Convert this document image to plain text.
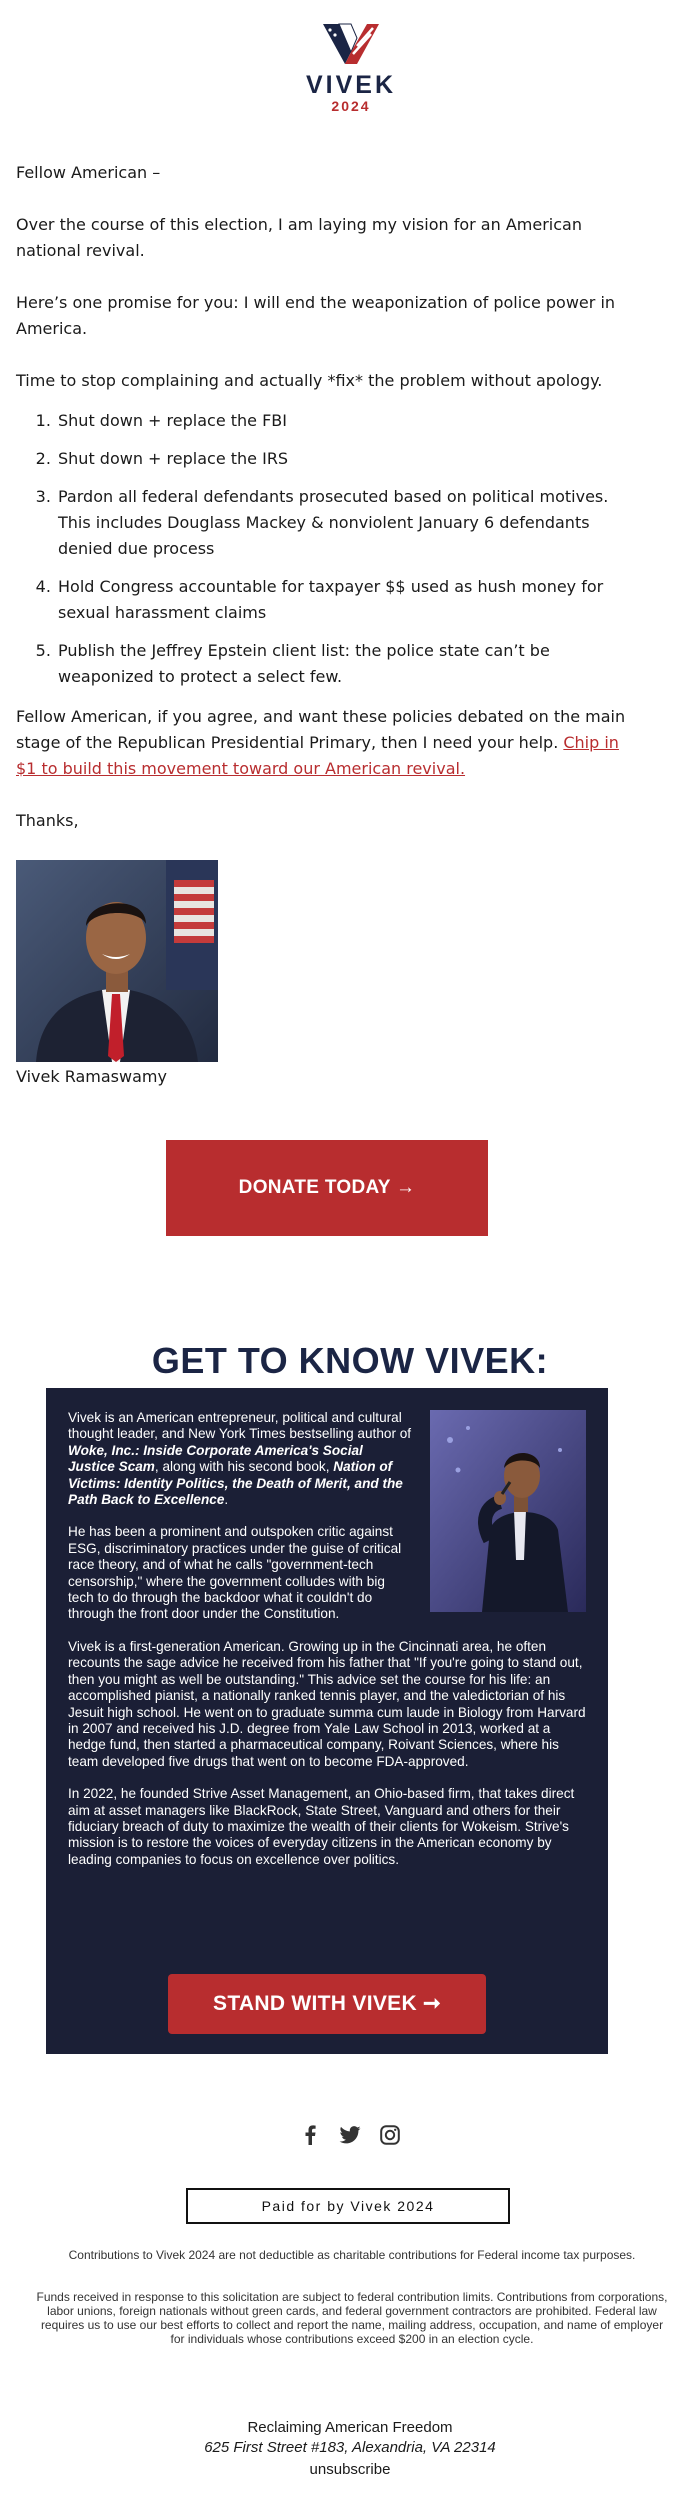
VIVEK
2024

Fellow American –

Over the course of this election, I am laying my vision for an American national revival.

Here’s one promise for you: I will end the weaponization of police power in America.

Time to stop complaining and actually *fix* the problem without apology.

1. Shut down + replace the FBI
2. Shut down + replace the IRS
3. Pardon all federal defendants prosecuted based on political motives. This includes Douglass Mackey & nonviolent January 6 defendants denied due process
4. Hold Congress accountable for taxpayer $$ used as hush money for sexual harassment claims
5. Publish the Jeffrey Epstein client list: the police state can’t be weaponized to protect a select few.

Fellow American, if you agree, and want these policies debated on the main stage of the Republican Presidential Primary, then I need your help. Chip in $1 to build this movement toward our American revival.

Thanks,

Vivek Ramaswamy
DONATE TODAY →
GET TO KNOW VIVEK:

Vivek is an American entrepreneur, political and cultural thought leader, and New York Times bestselling author of Woke, Inc.: Inside Corporate America's Social Justice Scam, along with his second book, Nation of Victims: Identity Politics, the Death of Merit, and the Path Back to Excellence.

He has been a prominent and outspoken critic against ESG, discriminatory practices under the guise of critical race theory, and of what he calls "government-tech censorship," where the government colludes with big tech to do through the backdoor what it couldn't do through the front door under the Constitution.

Vivek is a first-generation American. Growing up in the Cincinnati area, he often recounts the sage advice he received from his father that "If you're going to stand out, then you might as well be outstanding." This advice set the course for his life: an accomplished pianist, a nationally ranked tennis player, and the valedictorian of his Jesuit high school. He went on to graduate summa cum laude in Biology from Harvard in 2007 and received his J.D. degree from Yale Law School in 2013, worked at a hedge fund, then started a pharmaceutical company, Roivant Sciences, where his team developed five drugs that went on to become FDA-approved.

In 2022, he founded Strive Asset Management, an Ohio-based firm, that takes direct aim at asset managers like BlackRock, State Street, Vanguard and others for their fiduciary breach of duty to maximize the wealth of their clients for Wokeism. Strive's mission is to restore the voices of everyday citizens in the American economy by leading companies to focus on excellence over politics.

STAND WITH VIVEK ➞
Paid for by Vivek 2024
Contributions to Vivek 2024 are not deductible as charitable contributions for Federal income tax purposes.
Funds received in response to this solicitation are subject to federal contribution limits. Contributions from corporations, labor unions, foreign nationals without green cards, and federal government contractors are prohibited. Federal law requires us to use our best efforts to collect and report the name, mailing address, occupation, and name of employer for individuals whose contributions exceed $200 in an election cycle.
Reclaiming American Freedom
625 First Street #183, Alexandria, VA 22314
unsubscribe
